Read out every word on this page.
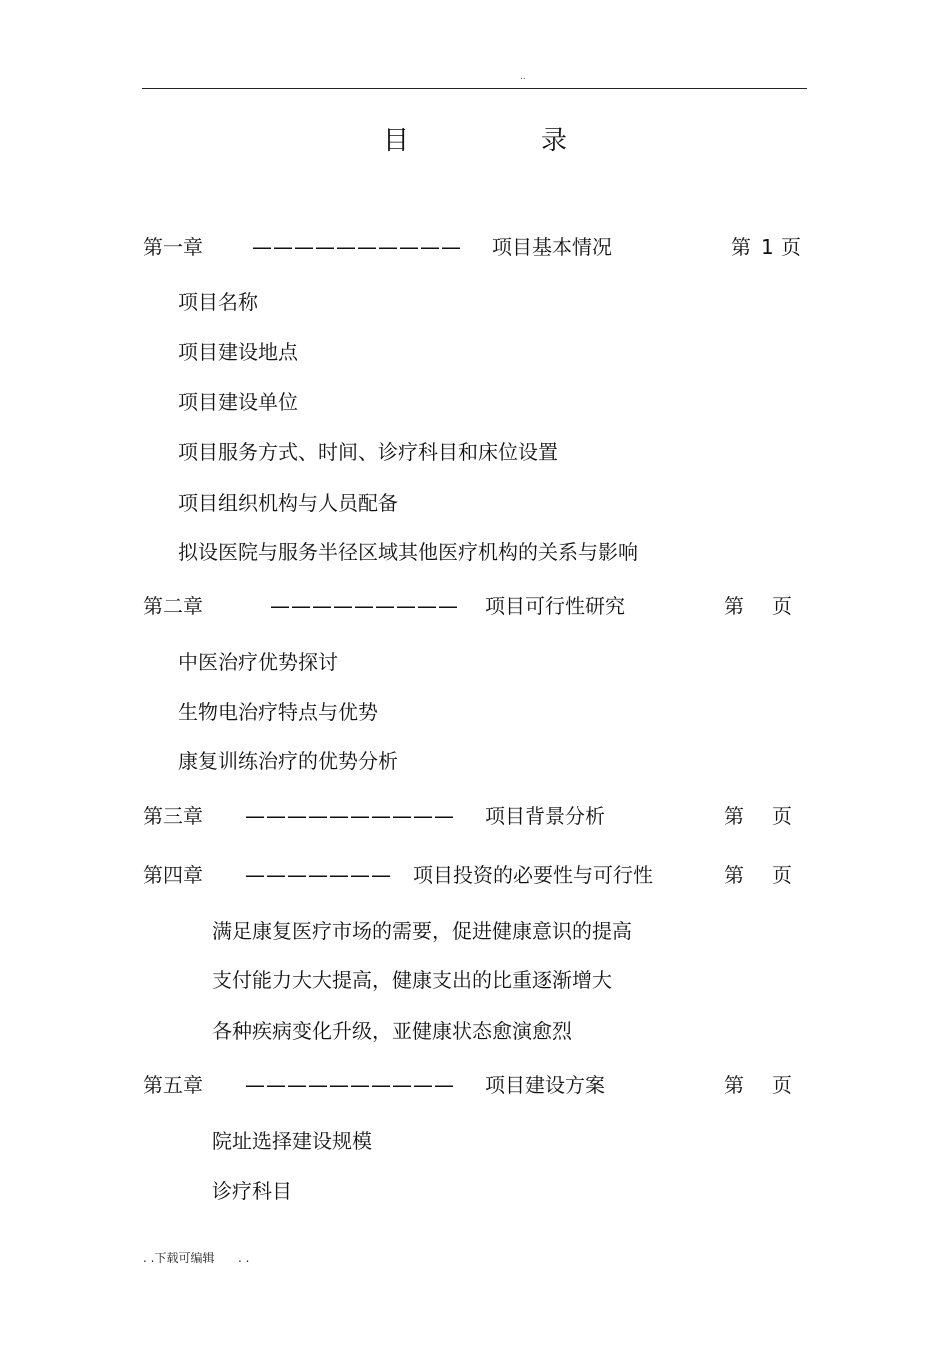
..
目	录
第一章 —————————— 项目基本情况	第 1 页
项目名称
项目建设地点
项目建设单位
项目服务方式、时间、诊疗科目和床位设置
项目组织机构与人员配备
拟设医院与服务半径区域其他医疗机构的关系与影响
第二章	————————— 项目可行性研究	第 页
中医治疗优势探讨
生物电治疗特点与优势
康复训练治疗的优势分析
第三章 —————————— 项目背景分析	第 页
第四章 ——————— 项目投资的必要性与可行性	第 页
满足康复医疗市场的需要，促进健康意识的提高
支付能力大大提高，健康支出的比重逐渐增大
各种疾病变化升级，亚健康状态愈演愈烈
第五章 —————————— 项目建设方案	第 页
院址选择建设规模
诊疗科目
. .下载可编辑 . .
